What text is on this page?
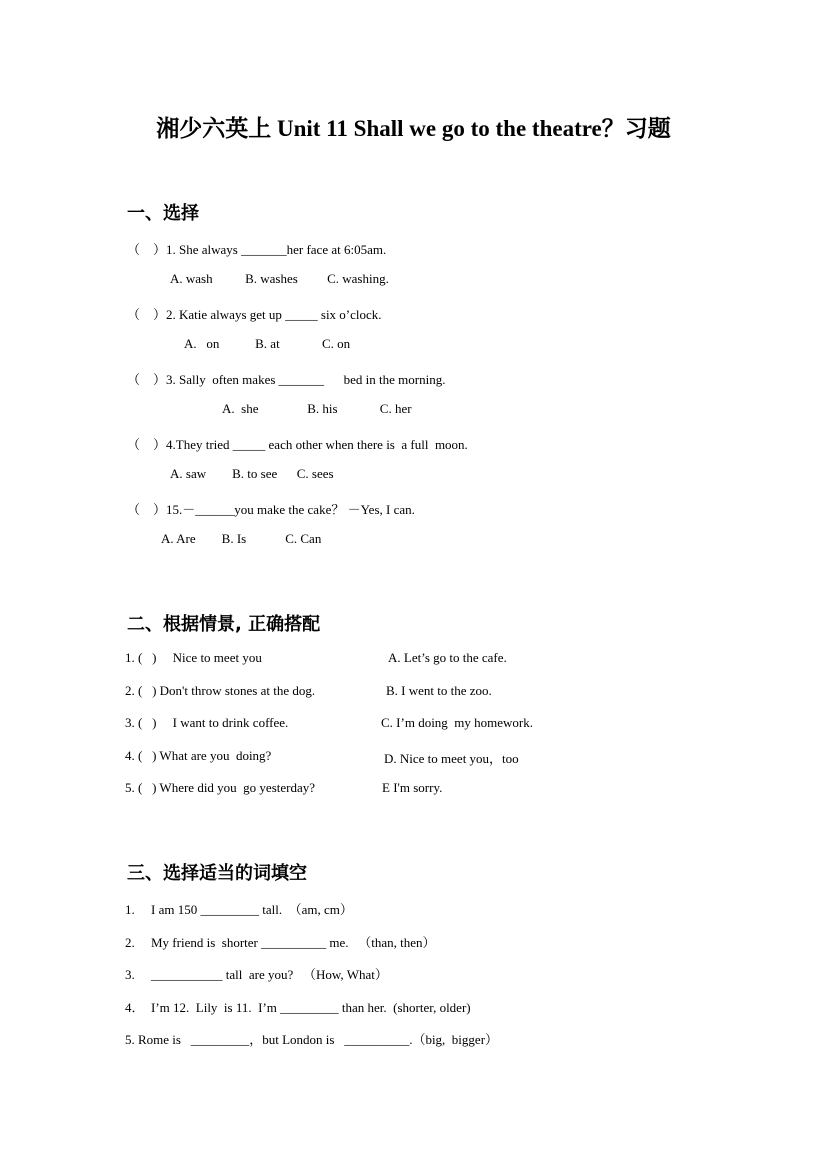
湘少六英上 Unit 11 Shall we go to the theatre？习题
一、选择
（    ）1. She always _______her face at 6:05am.
A. wash          B. washes         C. washing.
（    ）2. Katie always get up _____ six o’clock.
A.   on           B. at             C. on
（    ）3. Sally  often makes _______      bed in the morning.
A.  she               B. his             C. her
（    ）4.They tried _____ each other when there is  a full  moon.
A. saw        B. to see      C. sees
（    ）15.－______you make the cake？ －Yes, I can.
A. Are        B. Is            C. Can
二、根据情景, 正确搭配
1. (   )     Nice to meet you	A. Let’s go to the cafe.
2. (   ) Don't throw stones at the dog.	B. I went to the zoo.
3. (   )     I want to drink coffee.	C. I’m doing  my homework.
4. (   ) What are you  doing?	D. Nice to meet you，too
5. (   ) Where did you  go yesterday?	E I'm sorry.
三、选择适当的词填空
1.     I am 150 _________ tall.  （am, cm）
2.     My friend is  shorter __________ me.   （than, then）
3.     ___________ tall  are you?   （How, What）
4．  I’m 12.  Lily  is 11.  I’m _________ than her.  (shorter, older)
5. Rome is   _________，but London is   __________.（big,  bigger）
